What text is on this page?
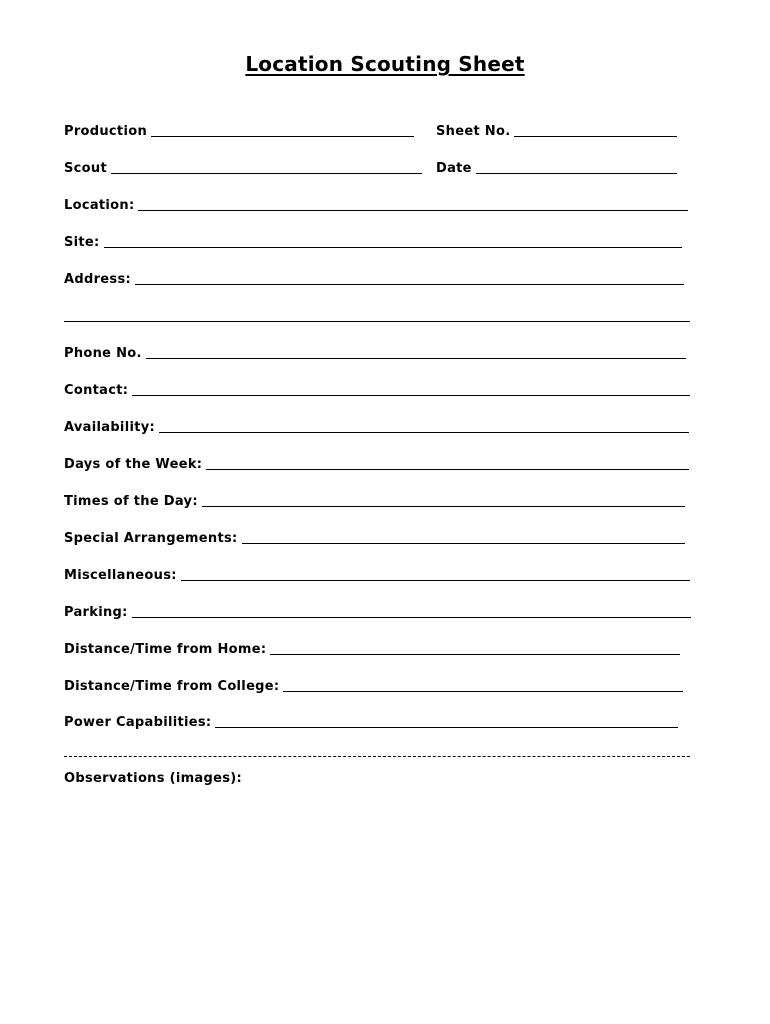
Location Scouting Sheet
Production	Sheet No.
Scout	Date
Location:
Site:
Address:
Phone No.
Contact:
Availability:
Days of the Week:
Times of the Day:
Special Arrangements:
Miscellaneous:
Parking:
Distance/Time from Home:
Distance/Time from College:
Power Capabilities:
Observations (images):
